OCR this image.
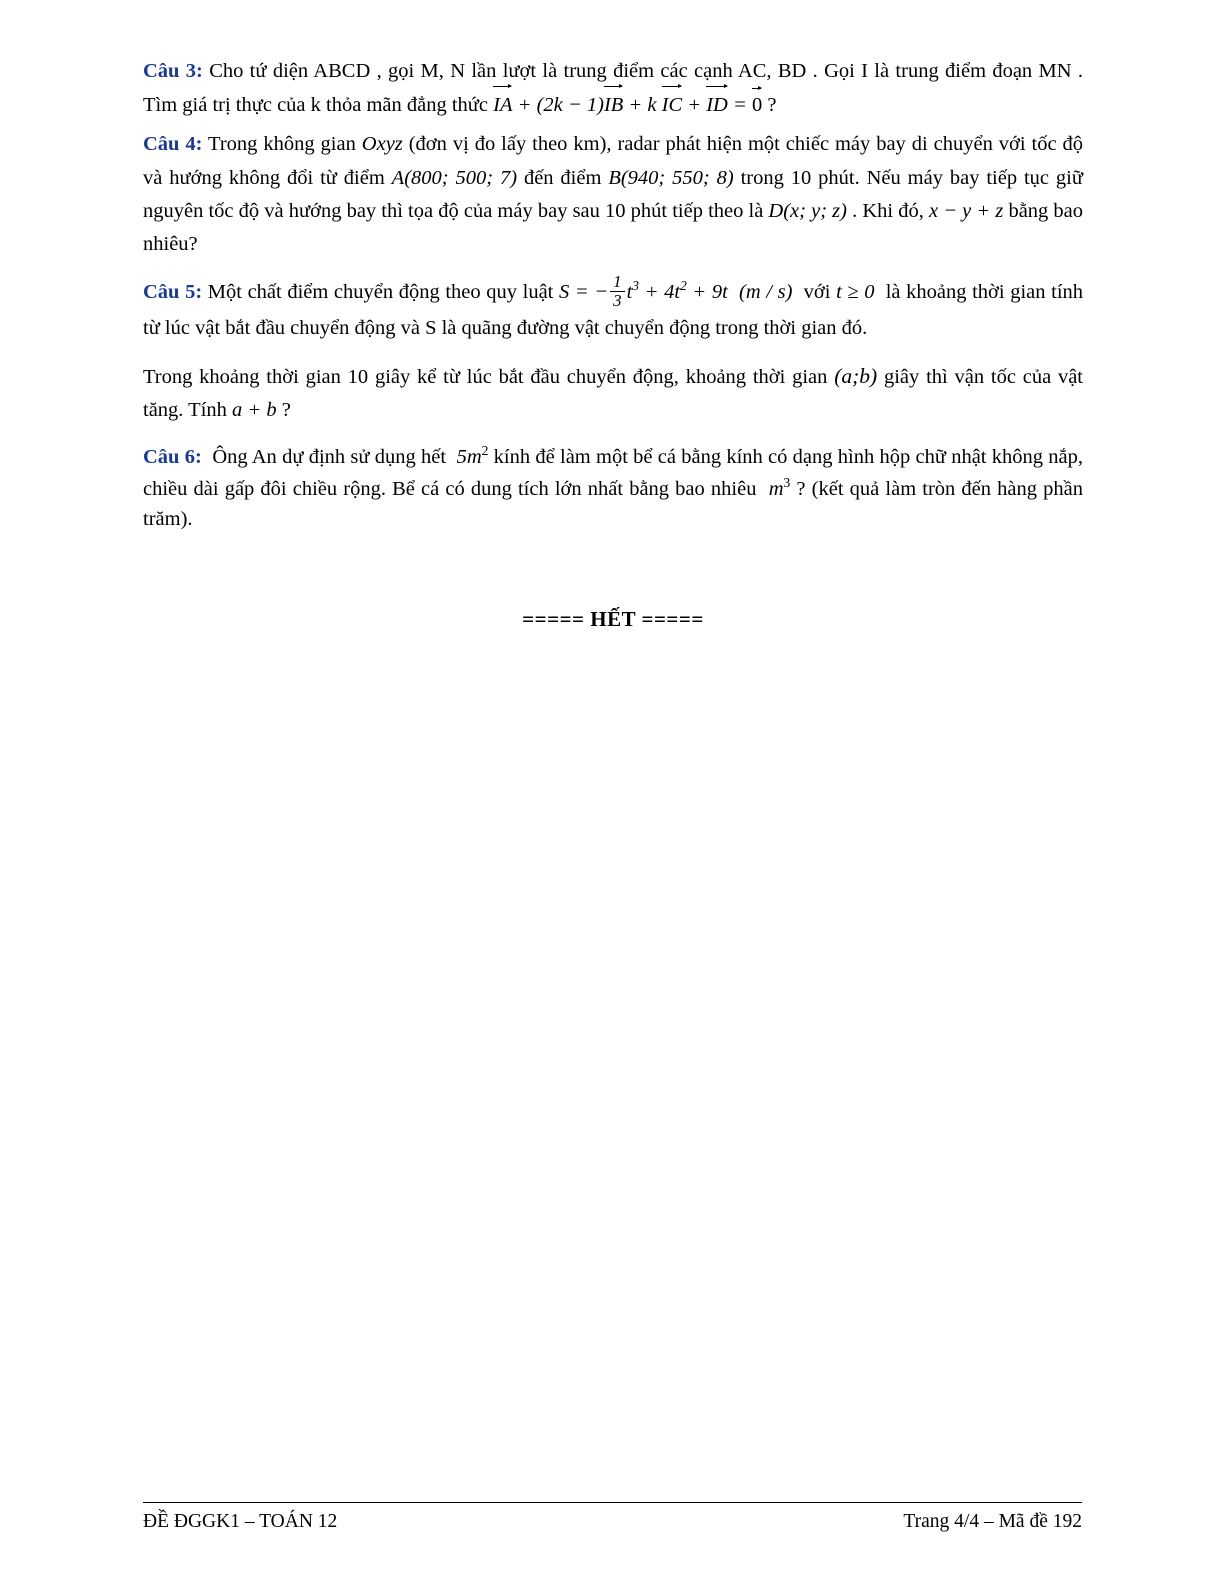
Câu 3: Cho tứ diện ABCD , gọi M, N lần lượt là trung điểm các cạnh AC, BD . Gọi I là trung điểm đoạn MN . Tìm giá trị thực của k thỏa mãn đẳng thức IA + (2k − 1)IB + k IC + ID = 0 ?
Câu 4: Trong không gian Oxyz (đơn vị đo lấy theo km), radar phát hiện một chiếc máy bay di chuyển với tốc độ và hướng không đổi từ điểm A(800; 500; 7) đến điểm B(940; 550; 8) trong 10 phút. Nếu máy bay tiếp tục giữ nguyên tốc độ và hướng bay thì tọa độ của máy bay sau 10 phút tiếp theo là D(x; y; z) . Khi đó, x − y + z bằng bao nhiêu?
Câu 5: Một chất điểm chuyển động theo quy luật S = − $\frac{1}{3} t^3 + 4t^2 + 9t$  (m / s)  với t ≥ 0  là khoảng thời gian tính từ lúc vật bắt đầu chuyển động và S là quãng đường vật chuyển động trong thời gian đó.
Trong khoảng thời gian 10 giây kể từ lúc bắt đầu chuyển động, khoảng thời gian (a;b) giây thì vận tốc của vật tăng. Tính a + b ?
Câu 6:  Ông An dự định sử dụng hết  $5m^2$ kính để làm một bể cá bằng kính có dạng hình hộp chữ nhật không nắp, chiều dài gấp đôi chiều rộng. Bể cá có dung tích lớn nhất bằng bao nhiêu  $m^3$ ? (kết quả làm tròn đến hàng phần trăm).
===== HẾT =====
ĐỀ ĐGGK1 – TOÁN 12	Trang 4/4 – Mã đề 192
